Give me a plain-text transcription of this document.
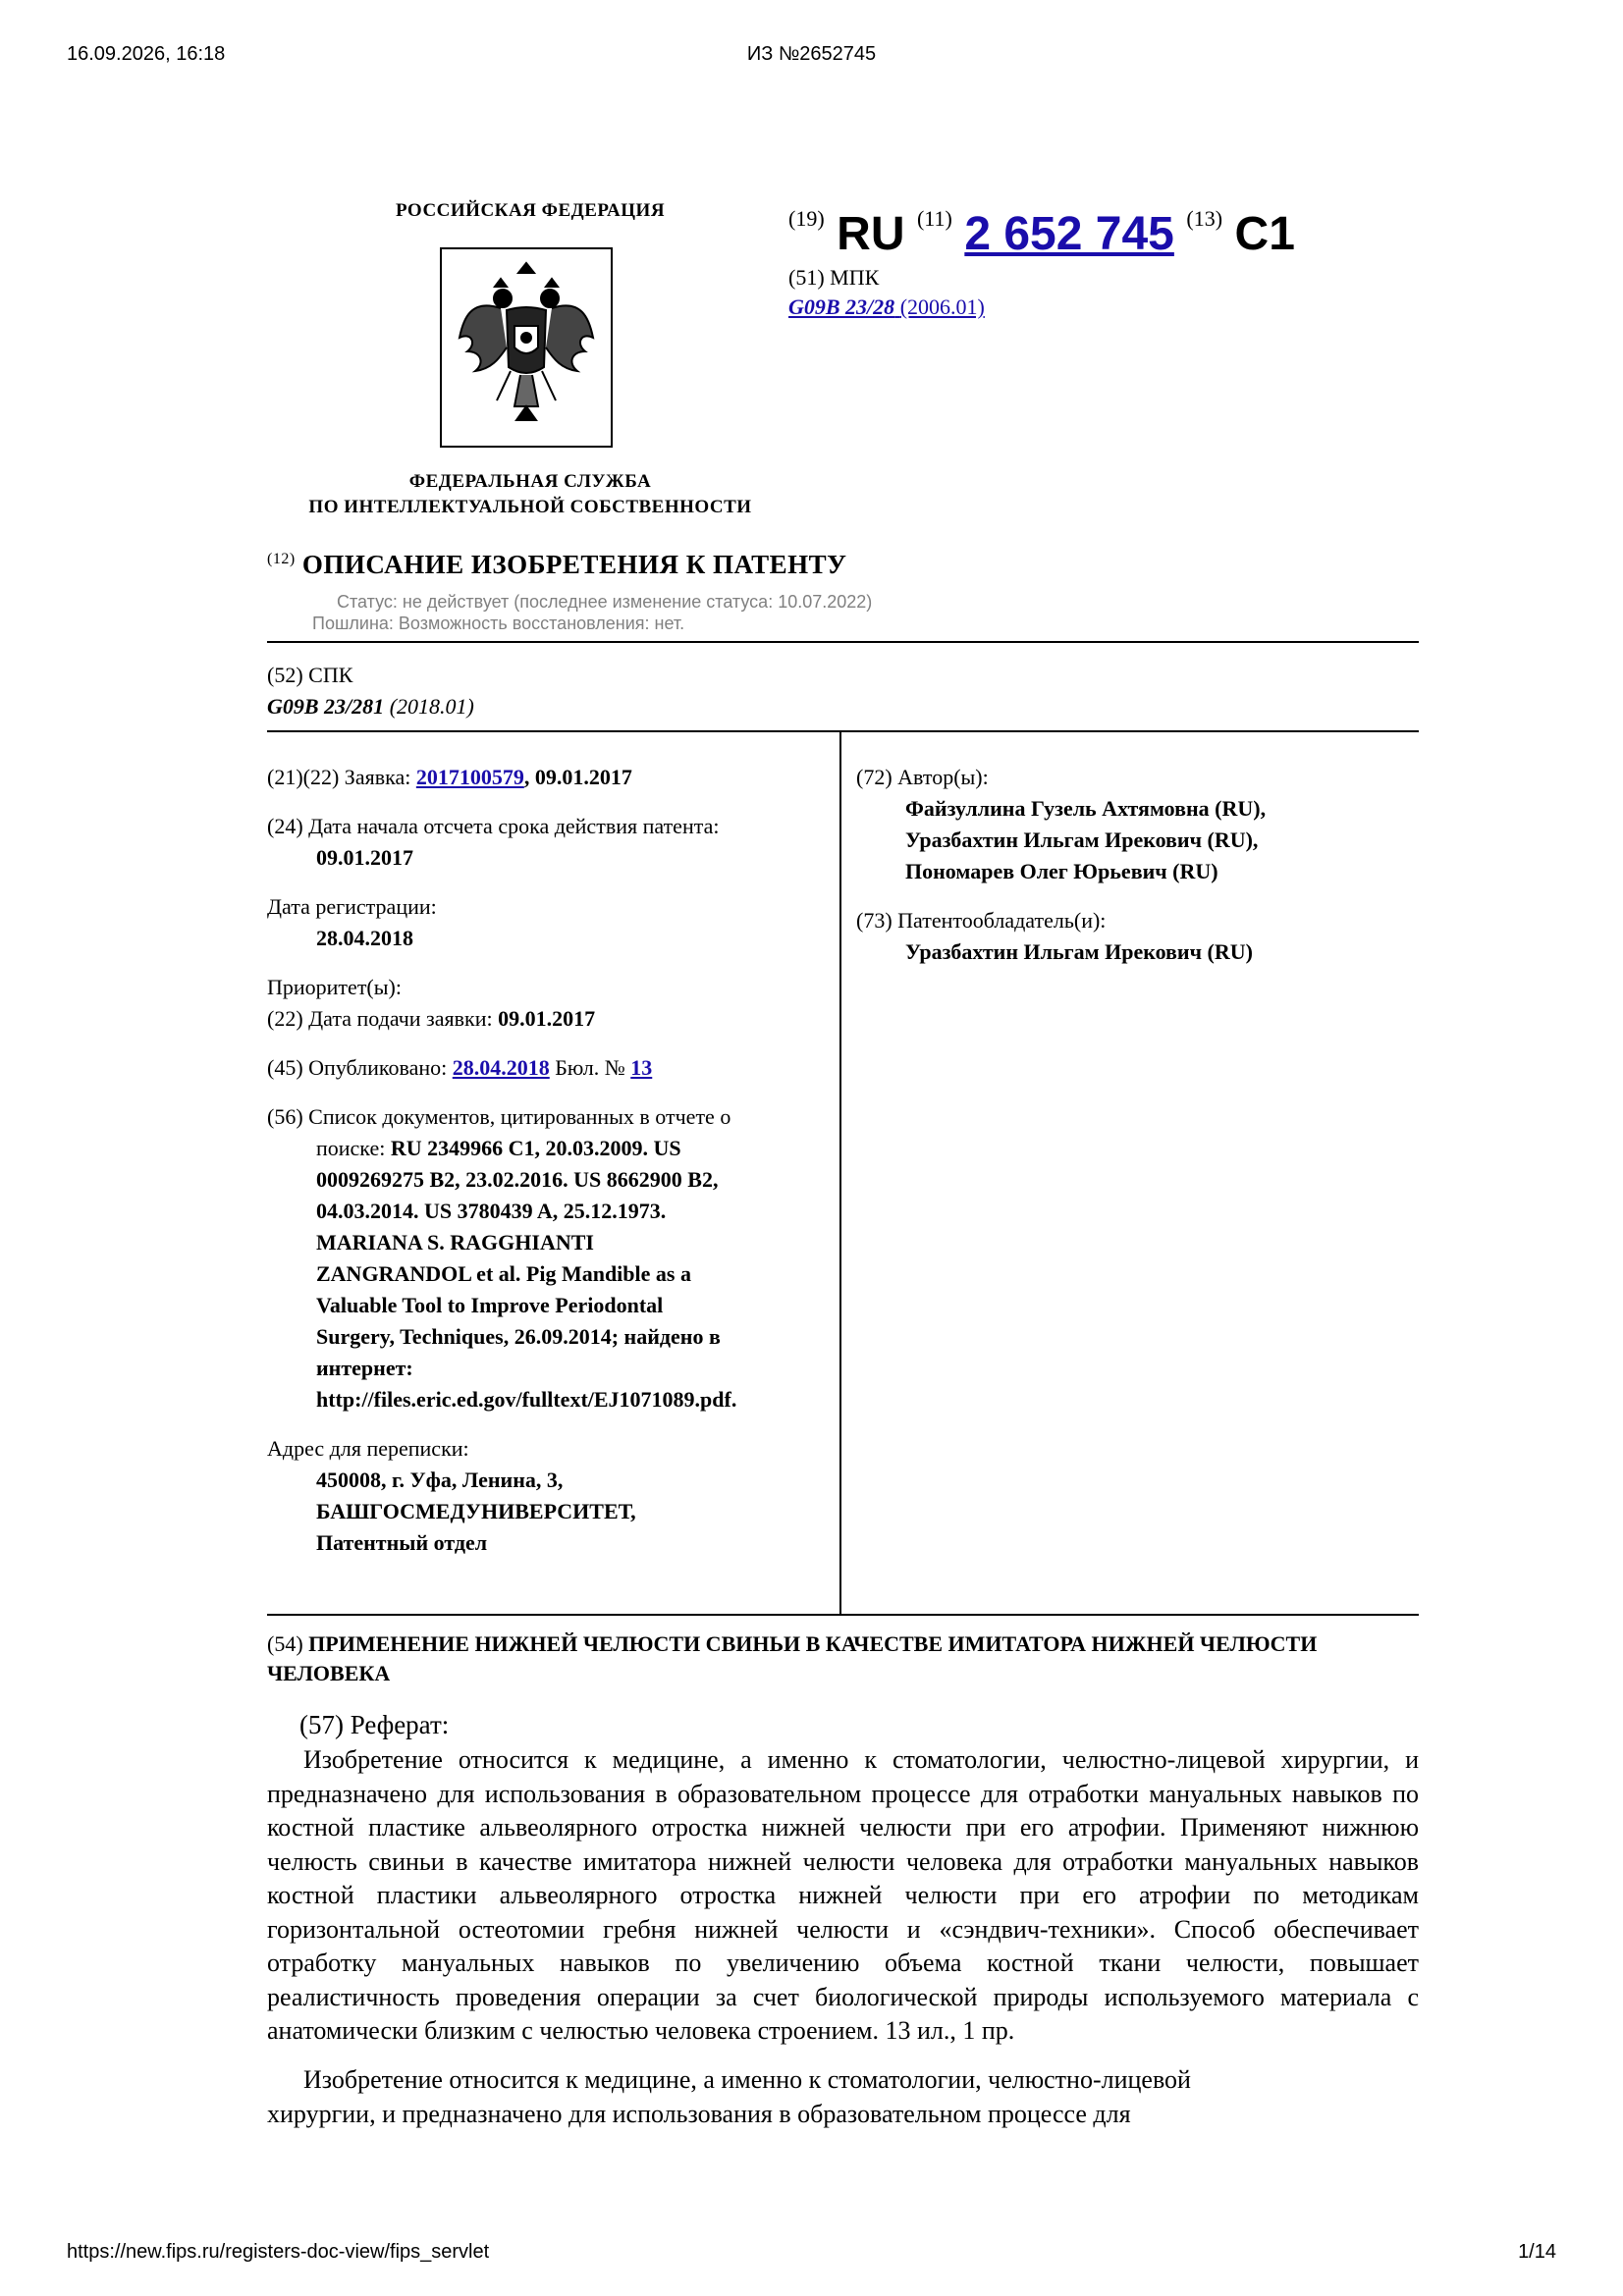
16.09.2026, 16:18	ИЗ №2652745
РОССИЙСКАЯ ФЕДЕРАЦИЯ
ФЕДЕРАЛЬНАЯ СЛУЖБА
ПО ИНТЕЛЛЕКТУАЛЬНОЙ СОБСТВЕННОСТИ
$^{(19)}$ RU $^{(11)}$ 2 652 745 $^{(13)}$ C1
(51) МПК
G09B 23/28 (2006.01)
$^{(12)}$ ОПИСАНИЕ ИЗОБРЕТЕНИЯ К ПАТЕНТУ
Статус: не действует (последнее изменение статуса: 10.07.2022)
Пошлина: Возможность восстановления: нет.
(52) СПК
G09B 23/281 (2018.01)
(21)(22) Заявка: 2017100579, 09.01.2017
(24) Дата начала отсчета срока действия патента:
09.01.2017
Дата регистрации:
28.04.2018
Приоритет(ы):
(22) Дата подачи заявки: 09.01.2017
(45) Опубликовано: 28.04.2018 Бюл. № 13
(56) Список документов, цитированных в отчете о
поиске: RU 2349966 C1, 20.03.2009. US
0009269275 B2, 23.02.2016. US 8662900 B2,
04.03.2014. US 3780439 A, 25.12.1973.
MARIANA S. RAGGHIANTI
ZANGRANDOL et al. Pig Mandible as a
Valuable Tool to Improve Periodontal
Surgery, Techniques, 26.09.2014; найдено в
интернет:
http://files.eric.ed.gov/fulltext/EJ1071089.pdf.
Адрес для переписки:
450008, г. Уфа, Ленина, 3,
БАШГОСМЕДУНИВЕРСИТЕТ,
Патентный отдел
(72) Автор(ы):
Файзуллина Гузель Ахтямовна (RU),
Уразбахтин Ильгам Ирекович (RU),
Пономарев Олег Юрьевич (RU)
(73) Патентообладатель(и):
Уразбахтин Ильгам Ирекович (RU)
(54) ПРИМЕНЕНИЕ НИЖНЕЙ ЧЕЛЮСТИ СВИНЬИ В КАЧЕСТВЕ ИМИТАТОРА НИЖНЕЙ ЧЕЛЮСТИ ЧЕЛОВЕКА
(57) Реферат:
Изобретение относится к медицине, а именно к стоматологии, челюстно-лицевой хирургии, и предназначено для использования в образовательном процессе для отработки мануальных навыков по костной пластике альвеолярного отростка нижней челюсти при его атрофии. Применяют нижнюю челюсть свиньи в качестве имитатора нижней челюсти человека для отработки мануальных навыков костной пластики альвеолярного отростка нижней челюсти при его атрофии по методикам горизонтальной остеотомии гребня нижней челюсти и «сэндвич-техники». Способ обеспечивает отработку мануальных навыков по увеличению объема костной ткани челюсти, повышает реалистичность проведения операции за счет биологической природы используемого материала с анатомически близким с челюстью человека строением. 13 ил., 1 пр.
Изобретение относится к медицине, а именно к стоматологии, челюстно-лицевой
хирургии, и предназначено для использования в образовательном процессе для
https://new.fips.ru/registers-doc-view/fips_servlet	1/14
